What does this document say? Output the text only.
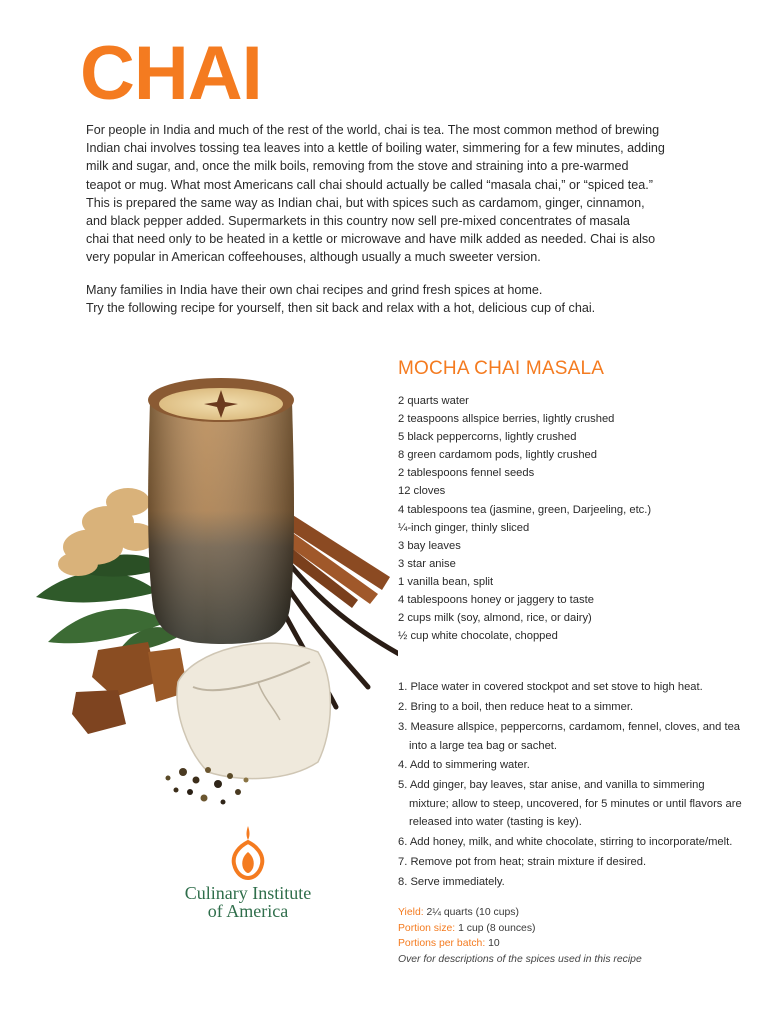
CHAI

For people in India and much of the rest of the world, chai is tea. The most common method of brewing
Indian chai involves tossing tea leaves into a kettle of boiling water, simmering for a few minutes, adding
milk and sugar, and, once the milk boils, removing from the stove and straining into a pre-warmed
teapot or mug. What most Americans call chai should actually be called “masala chai,” or “spiced tea.”
This is prepared the same way as Indian chai, but with spices such as cardamom, ginger, cinnamon,
and black pepper added. Supermarkets in this country now sell pre-mixed concentrates of masala
chai that need only to be heated in a kettle or microwave and have milk added as needed. Chai is also
very popular in American coffeehouses, although usually a much sweeter version.

Many families in India have their own chai recipes and grind fresh spices at home.
Try the following recipe for yourself, then sit back and relax with a hot, delicious cup of chai.

Culinary Institute
of America
MOCHA CHAI MASALA
2 quarts water
2 teaspoons allspice berries, lightly crushed
5 black peppercorns, lightly crushed
8 green cardamom pods, lightly crushed
2 tablespoons fennel seeds
12 cloves
4 tablespoons tea (jasmine, green, Darjeeling, etc.)
¼-inch ginger, thinly sliced
3 bay leaves
3 star anise
1 vanilla bean, split
4 tablespoons honey or jaggery to taste
2 cups milk (soy, almond, rice, or dairy)
½ cup white chocolate, chopped
1. Place water in covered stockpot and set stove to high heat.
2. Bring to a boil, then reduce heat to a simmer.
3. Measure allspice, peppercorns, cardamom, fennel, cloves, and tea into a large tea bag or sachet.
4. Add to simmering water.
5. Add ginger, bay leaves, star anise, and vanilla to simmering mixture; allow to steep, uncovered, for 5 minutes or until flavors are released into water (tasting is key).
6. Add honey, milk, and white chocolate, stirring to incorporate/melt.
7. Remove pot from heat; strain mixture if desired.
8. Serve immediately.
Yield: 2¼ quarts (10 cups)
Portion size: 1 cup (8 ounces)
Portions per batch: 10
Over for descriptions of the spices used in this recipe
